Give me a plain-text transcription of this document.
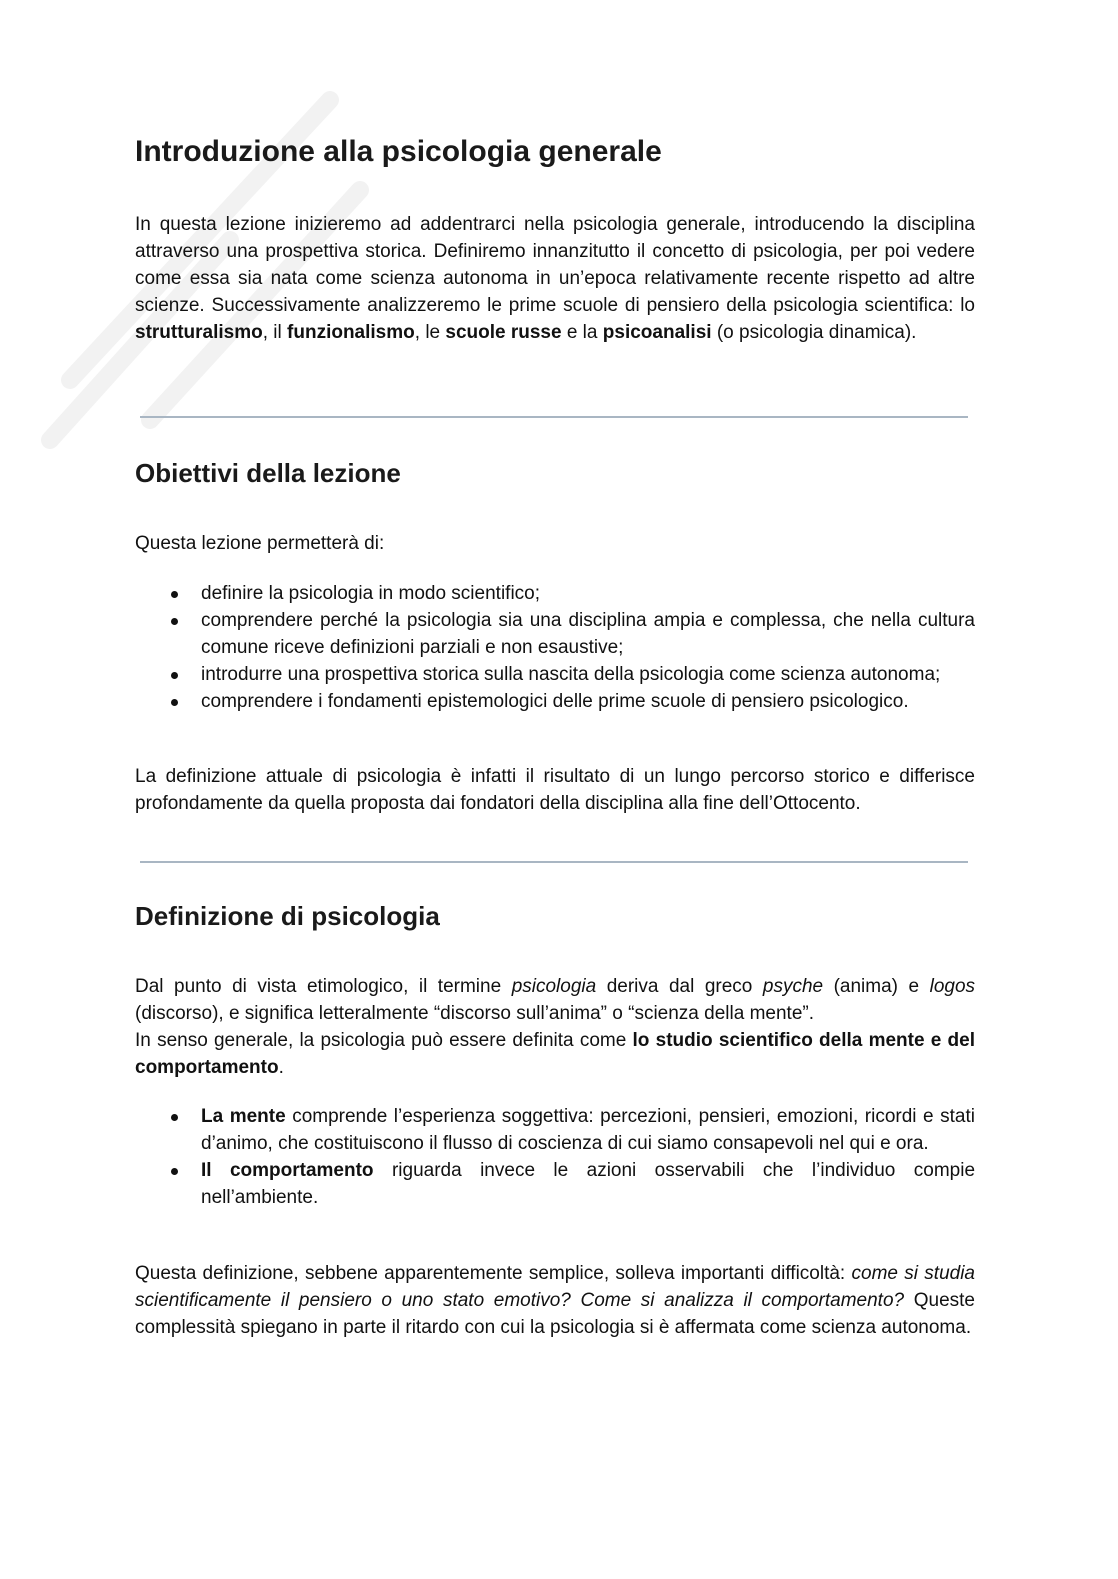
Introduzione alla psicologia generale

In questa lezione inizieremo ad addentrarci nella psicologia generale, introducendo la disciplina attraverso una prospettiva storica. Definiremo innanzitutto il concetto di psicologia, per poi vedere come essa sia nata come scienza autonoma in un’epoca relativamente recente rispetto ad altre scienze. Successivamente analizzeremo le prime scuole di pensiero della psicologia scientifica: lo strutturalismo, il funzionalismo, le scuole russe e la psicoanalisi (o psicologia dinamica).

Obiettivi della lezione

Questa lezione permetterà di:

definire la psicologia in modo scientifico;
comprendere perché la psicologia sia una disciplina ampia e complessa, che nella cultura comune riceve definizioni parziali e non esaustive;
introdurre una prospettiva storica sulla nascita della psicologia come scienza autonoma;
comprendere i fondamenti epistemologici delle prime scuole di pensiero psicologico.

La definizione attuale di psicologia è infatti il risultato di un lungo percorso storico e differisce profondamente da quella proposta dai fondatori della disciplina alla fine dell’Ottocento.

Definizione di psicologia

Dal punto di vista etimologico, il termine psicologia deriva dal greco psyche (anima) e logos (discorso), e significa letteralmente “discorso sull’anima” o “scienza della mente”.
In senso generale, la psicologia può essere definita come lo studio scientifico della mente e del comportamento.

La mente comprende l’esperienza soggettiva: percezioni, pensieri, emozioni, ricordi e stati d’animo, che costituiscono il flusso di coscienza di cui siamo consapevoli nel qui e ora.
Il comportamento riguarda invece le azioni osservabili che l’individuo compie nell’ambiente.

Questa definizione, sebbene apparentemente semplice, solleva importanti difficoltà: come si studia scientificamente il pensiero o uno stato emotivo? Come si analizza il comportamento? Queste complessità spiegano in parte il ritardo con cui la psicologia si è affermata come scienza autonoma.
